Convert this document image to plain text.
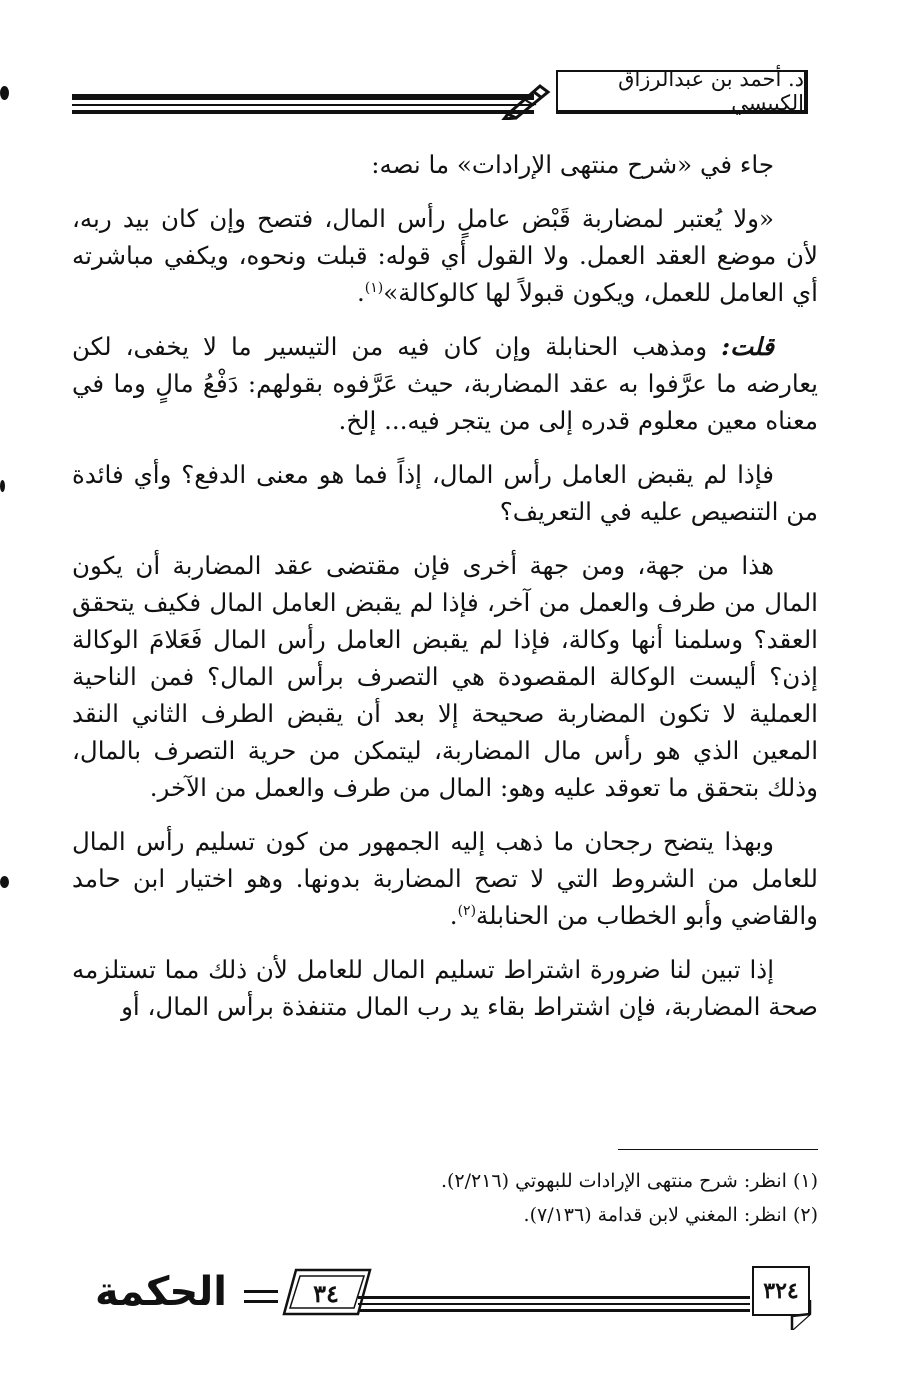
د. أحمد بن عبدالرزاق الكبيسي

جاء في «شرح منتهى الإرادات» ما نصه:

«ولا يُعتبر لمضاربة قَبْض عاملٍ رأس المال، فتصح وإن كان بيد ربه، لأن موضع العقد العمل. ولا القول أي قوله: قبلت ونحوه، ويكفي مباشرته أي العامل للعمل، ويكون قبولاً لها كالوكالة»$^{(١)}$.

قلت: ومذهب الحنابلة وإن كان فيه من التيسير ما لا يخفى، لكن يعارضه ما عرَّفوا به عقد المضاربة، حيث عَرَّفوه بقولهم: دَفْعُ مالٍ وما في معناه معين معلوم قدره إلى من يتجر فيه... إلخ.

فإذا لم يقبض العامل رأس المال، إذاً فما هو معنى الدفع؟ وأي فائدة من التنصيص عليه في التعريف؟

هذا من جهة، ومن جهة أخرى فإن مقتضى عقد المضاربة أن يكون المال من طرف والعمل من آخر، فإذا لم يقبض العامل المال فكيف يتحقق العقد؟ وسلمنا أنها وكالة، فإذا لم يقبض العامل رأس المال فَعَلامَ الوكالة إذن؟ أليست الوكالة المقصودة هي التصرف برأس المال؟ فمن الناحية العملية لا تكون المضاربة صحيحة إلا بعد أن يقبض الطرف الثاني النقد المعين الذي هو رأس مال المضاربة، ليتمكن من حرية التصرف بالمال، وذلك بتحقق ما تعوقد عليه وهو: المال من طرف والعمل من الآخر.

وبهذا يتضح رجحان ما ذهب إليه الجمهور من كون تسليم رأس المال للعامل من الشروط التي لا تصح المضاربة بدونها. وهو اختيار ابن حامد والقاضي وأبو الخطاب من الحنابلة$^{(٢)}$.

إذا تبين لنا ضرورة اشتراط تسليم المال للعامل لأن ذلك مما تستلزمه صحة المضاربة، فإن اشتراط بقاء يد رب المال متنفذة برأس المال، أو

(١) انظر: شرح منتهى الإرادات للبهوتي (٢/٢١٦).

(٢) انظر: المغني لابن قدامة (٧/١٣٦).

٣٢٤
٣٤
الحكمة
